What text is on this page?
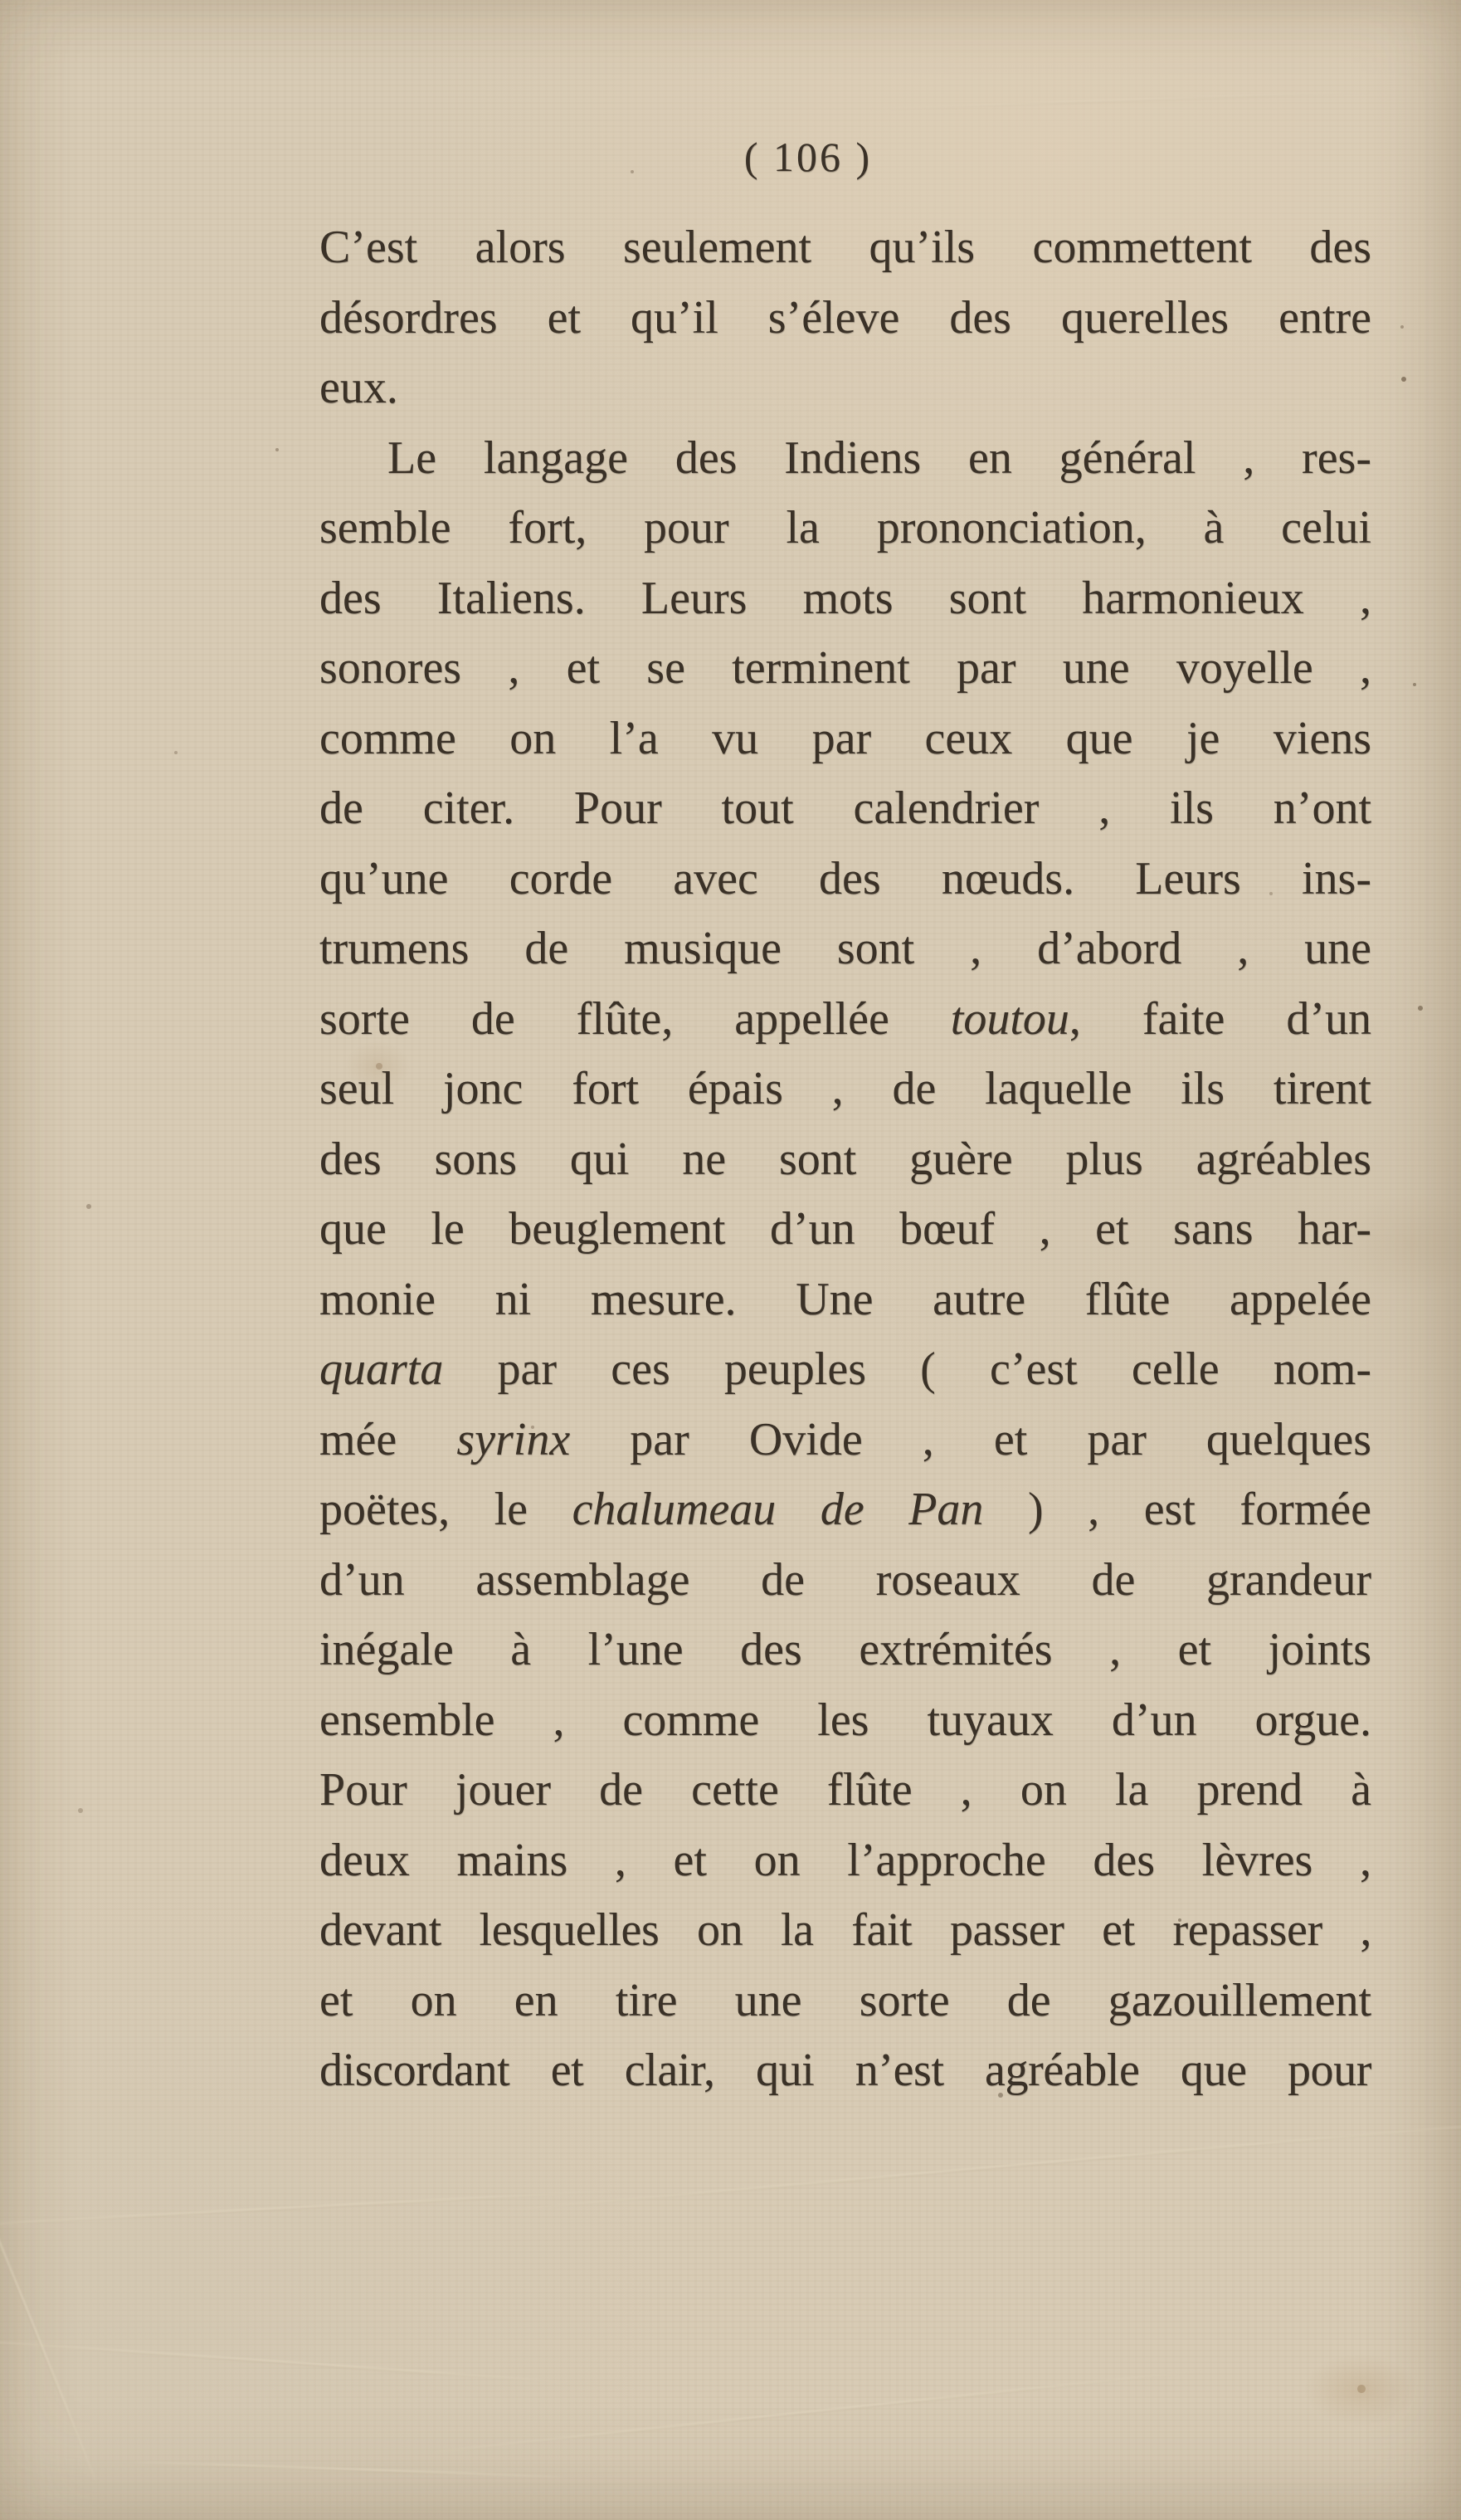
( 106 )
C’est alors seulement qu’ils commettent des
désordres et qu’il s’éleve des querelles entre
eux.
Le langage des Indiens en général , res-
semble fort, pour la prononciation, à celui
des Italiens. Leurs mots sont harmonieux ,
sonores , et se terminent par une voyelle ,
comme on l’a vu par ceux que je viens
de citer. Pour tout calendrier , ils n’ont
qu’une corde avec des nœuds. Leurs ins-
trumens de musique sont , d’abord , une
sorte de flûte, appellée toutou, faite d’un
seul jonc fort épais , de laquelle ils tirent
des sons qui ne sont guère plus agréables
que le beuglement d’un bœuf , et sans har-
monie ni mesure. Une autre flûte appelée
quarta par ces peuples ( c’est celle nom-
mée syrinx par Ovide , et par quelques
poëtes, le chalumeau de Pan ) , est formée
d’un assemblage de roseaux de grandeur
inégale à l’une des extrémités , et joints
ensemble , comme les tuyaux d’un orgue.
Pour jouer de cette flûte , on la prend à
deux mains , et on l’approche des lèvres ,
devant lesquelles on la fait passer et repasser ,
et on en tire une sorte de gazouillement
discordant et clair, qui n’est agréable que pour
